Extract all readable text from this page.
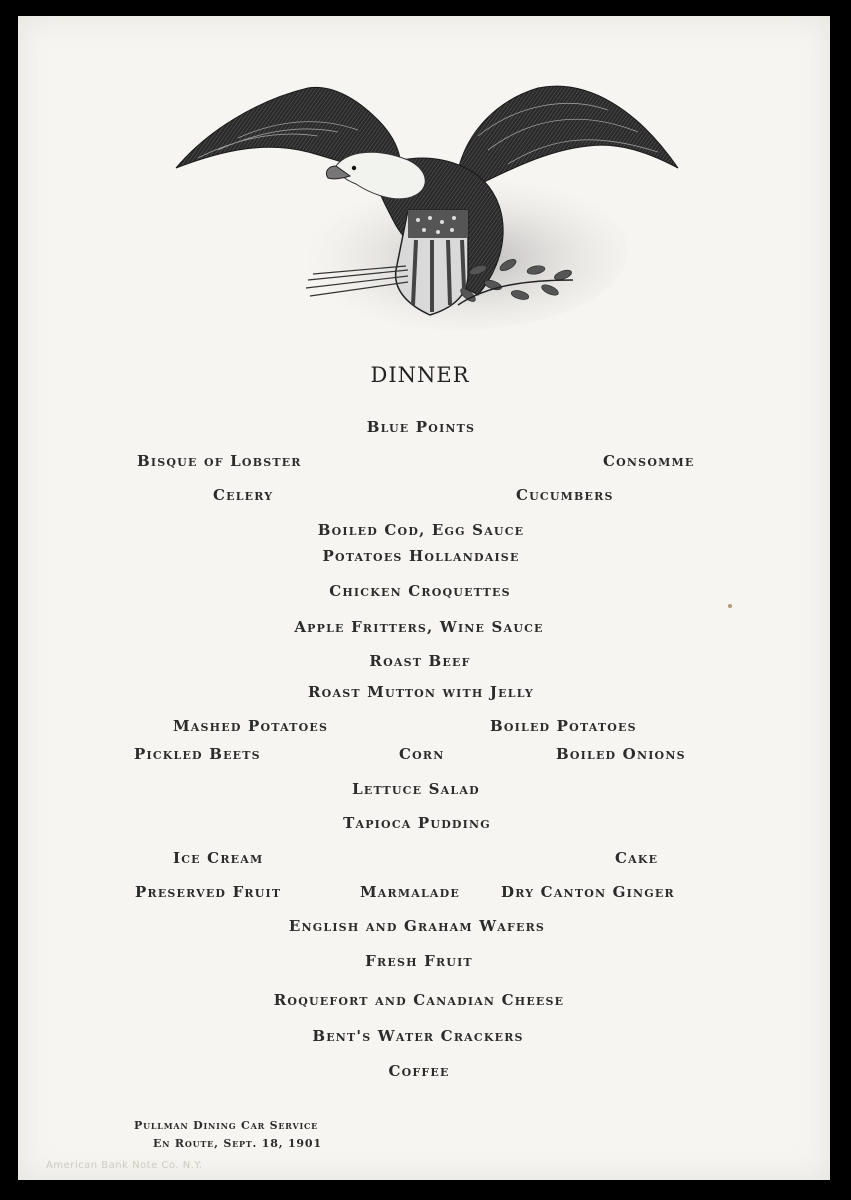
DINNER
Blue Points
Bisque of Lobster	Consomme
Celery	Cucumbers
Boiled Cod, Egg Sauce
Potatoes Hollandaise
Chicken Croquettes
Apple Fritters, Wine Sauce
Roast Beef
Roast Mutton with Jelly
Mashed Potatoes	Boiled Potatoes
Pickled Beets	Corn	Boiled Onions
Lettuce Salad
Tapioca Pudding
Ice Cream	Cake
Preserved Fruit	Marmalade	Dry Canton Ginger
English and Graham Wafers
Fresh Fruit
Roquefort and Canadian Cheese
Bent's Water Crackers
Coffee
Pullman Dining Car Service
En Route, Sept. 18, 1901
American Bank Note Co. N.Y.
